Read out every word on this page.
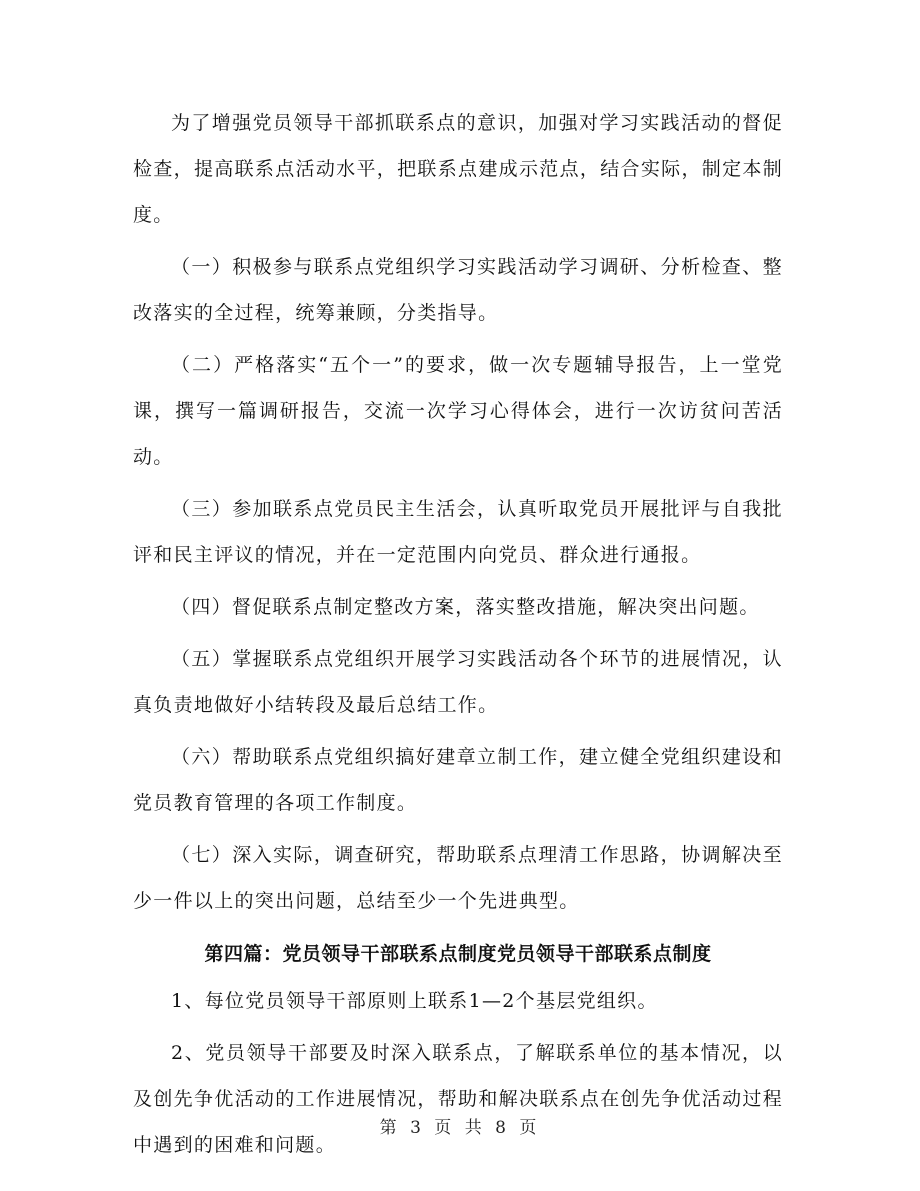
为了增强党员领导干部抓联系点的意识，加强对学习实践活动的督促检查，提高联系点活动水平，把联系点建成示范点，结合实际，制定本制度。

（一）积极参与联系点党组织学习实践活动学习调研、分析检查、整改落实的全过程，统筹兼顾，分类指导。

（二）严格落实“五个一”的要求，做一次专题辅导报告，上一堂党课，撰写一篇调研报告，交流一次学习心得体会，进行一次访贫问苦活动。

（三）参加联系点党员民主生活会，认真听取党员开展批评与自我批评和民主评议的情况，并在一定范围内向党员、群众进行通报。

（四）督促联系点制定整改方案，落实整改措施，解决突出问题。

（五）掌握联系点党组织开展学习实践活动各个环节的进展情况，认真负责地做好小结转段及最后总结工作。

（六）帮助联系点党组织搞好建章立制工作，建立健全党组织建设和党员教育管理的各项工作制度。

（七）深入实际，调查研究，帮助联系点理清工作思路，协调解决至少一件以上的突出问题，总结至少一个先进典型。

第四篇：党员领导干部联系点制度党员领导干部联系点制度

1、每位党员领导干部原则上联系1—2个基层党组织。

2、党员领导干部要及时深入联系点，了解联系单位的基本情况，以及创先争优活动的工作进展情况，帮助和解决联系点在创先争优活动过程中遇到的困难和问题。

第 3 页 共 8 页
